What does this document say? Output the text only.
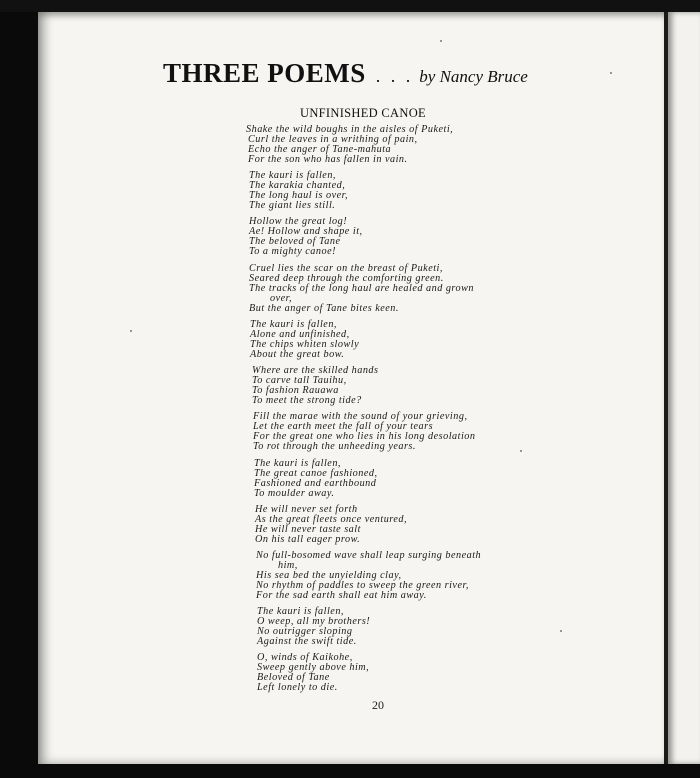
THREE POEMS . . . by Nancy Bruce
UNFINISHED CANOE
Shake the wild boughs in the aisles of Puketi,
Curl the leaves in a writhing of pain,
Echo the anger of Tane-mahuta
For the son who has fallen in vain.
The kauri is fallen,
The karakia chanted,
The long haul is over,
The giant lies still.
Hollow the great log!
Ae! Hollow and shape it,
The beloved of Tane
To a mighty canoe!
Cruel lies the scar on the breast of Puketi,
Seared deep through the comforting green.
The tracks of the long haul are healed and grown
over,
But the anger of Tane bites keen.
The kauri is fallen,
Alone and unfinished,
The chips whiten slowly
About the great bow.
Where are the skilled hands
To carve tall Tauihu,
To fashion Rauawa
To meet the strong tide?
Fill the marae with the sound of your grieving,
Let the earth meet the fall of your tears
For the great one who lies in his long desolation
To rot through the unheeding years.
The kauri is fallen,
The great canoe fashioned,
Fashioned and earthbound
To moulder away.
He will never set forth
As the great fleets once ventured,
He will never taste salt
On his tall eager prow.
No full-bosomed wave shall leap surging beneath
him,
His sea bed the unyielding clay,
No rhythm of paddles to sweep the green river,
For the sad earth shall eat him away.
The kauri is fallen,
O weep, all my brothers!
No outrigger sloping
Against the swift tide.
O, winds of Kaikohe,
Sweep gently above him,
Beloved of Tane
Left lonely to die.
20
